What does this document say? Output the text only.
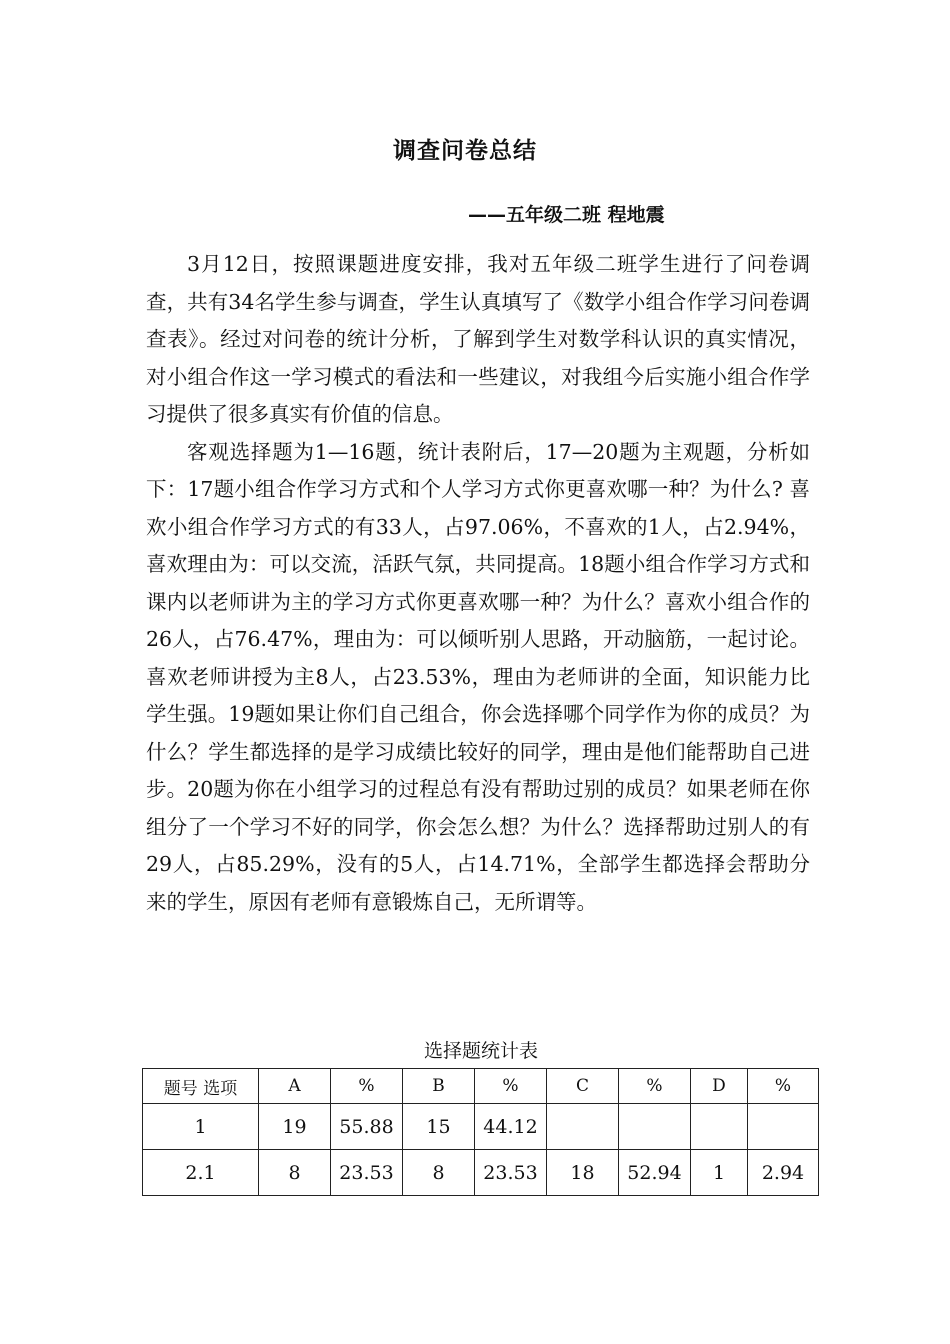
调查问卷总结
——五年级二班 程地震

3月12日，按照课题进度安排，我对五年级二班学生进行了问卷调查，共有34名学生参与调查，学生认真填写了《数学小组合作学习问卷调查表》。经过对问卷的统计分析，了解到学生对数学科认识的真实情况，对小组合作这一学习模式的看法和一些建议，对我组今后实施小组合作学习提供了很多真实有价值的信息。

客观选择题为1—16题，统计表附后，17—20题为主观题，分析如下：17题小组合作学习方式和个人学习方式你更喜欢哪一种？为什么? 喜欢小组合作学习方式的有33人，占97.06%，不喜欢的1人，占2.94%，喜欢理由为：可以交流，活跃气氛，共同提高。18题小组合作学习方式和课内以老师讲为主的学习方式你更喜欢哪一种？为什么？喜欢小组合作的26人，占76.47%，理由为：可以倾听别人思路，开动脑筋，一起讨论。喜欢老师讲授为主8人，占23.53%，理由为老师讲的全面，知识能力比学生强。19题如果让你们自己组合，你会选择哪个同学作为你的成员？为什么？学生都选择的是学习成绩比较好的同学，理由是他们能帮助自己进步。20题为你在小组学习的过程总有没有帮助过别的成员？如果老师在你组分了一个学习不好的同学，你会怎么想？为什么？选择帮助过别人的有29人，占85.29%，没有的5人，占14.71%，全部学生都选择会帮助分来的学生，原因有老师有意锻炼自己，无所谓等。

选择题统计表
题号 选项	A	%	B	%	C	%	D	%
1	19	55.88	15	44.12				
2.1	8	23.53	8	23.53	18	52.94	1	2.94
